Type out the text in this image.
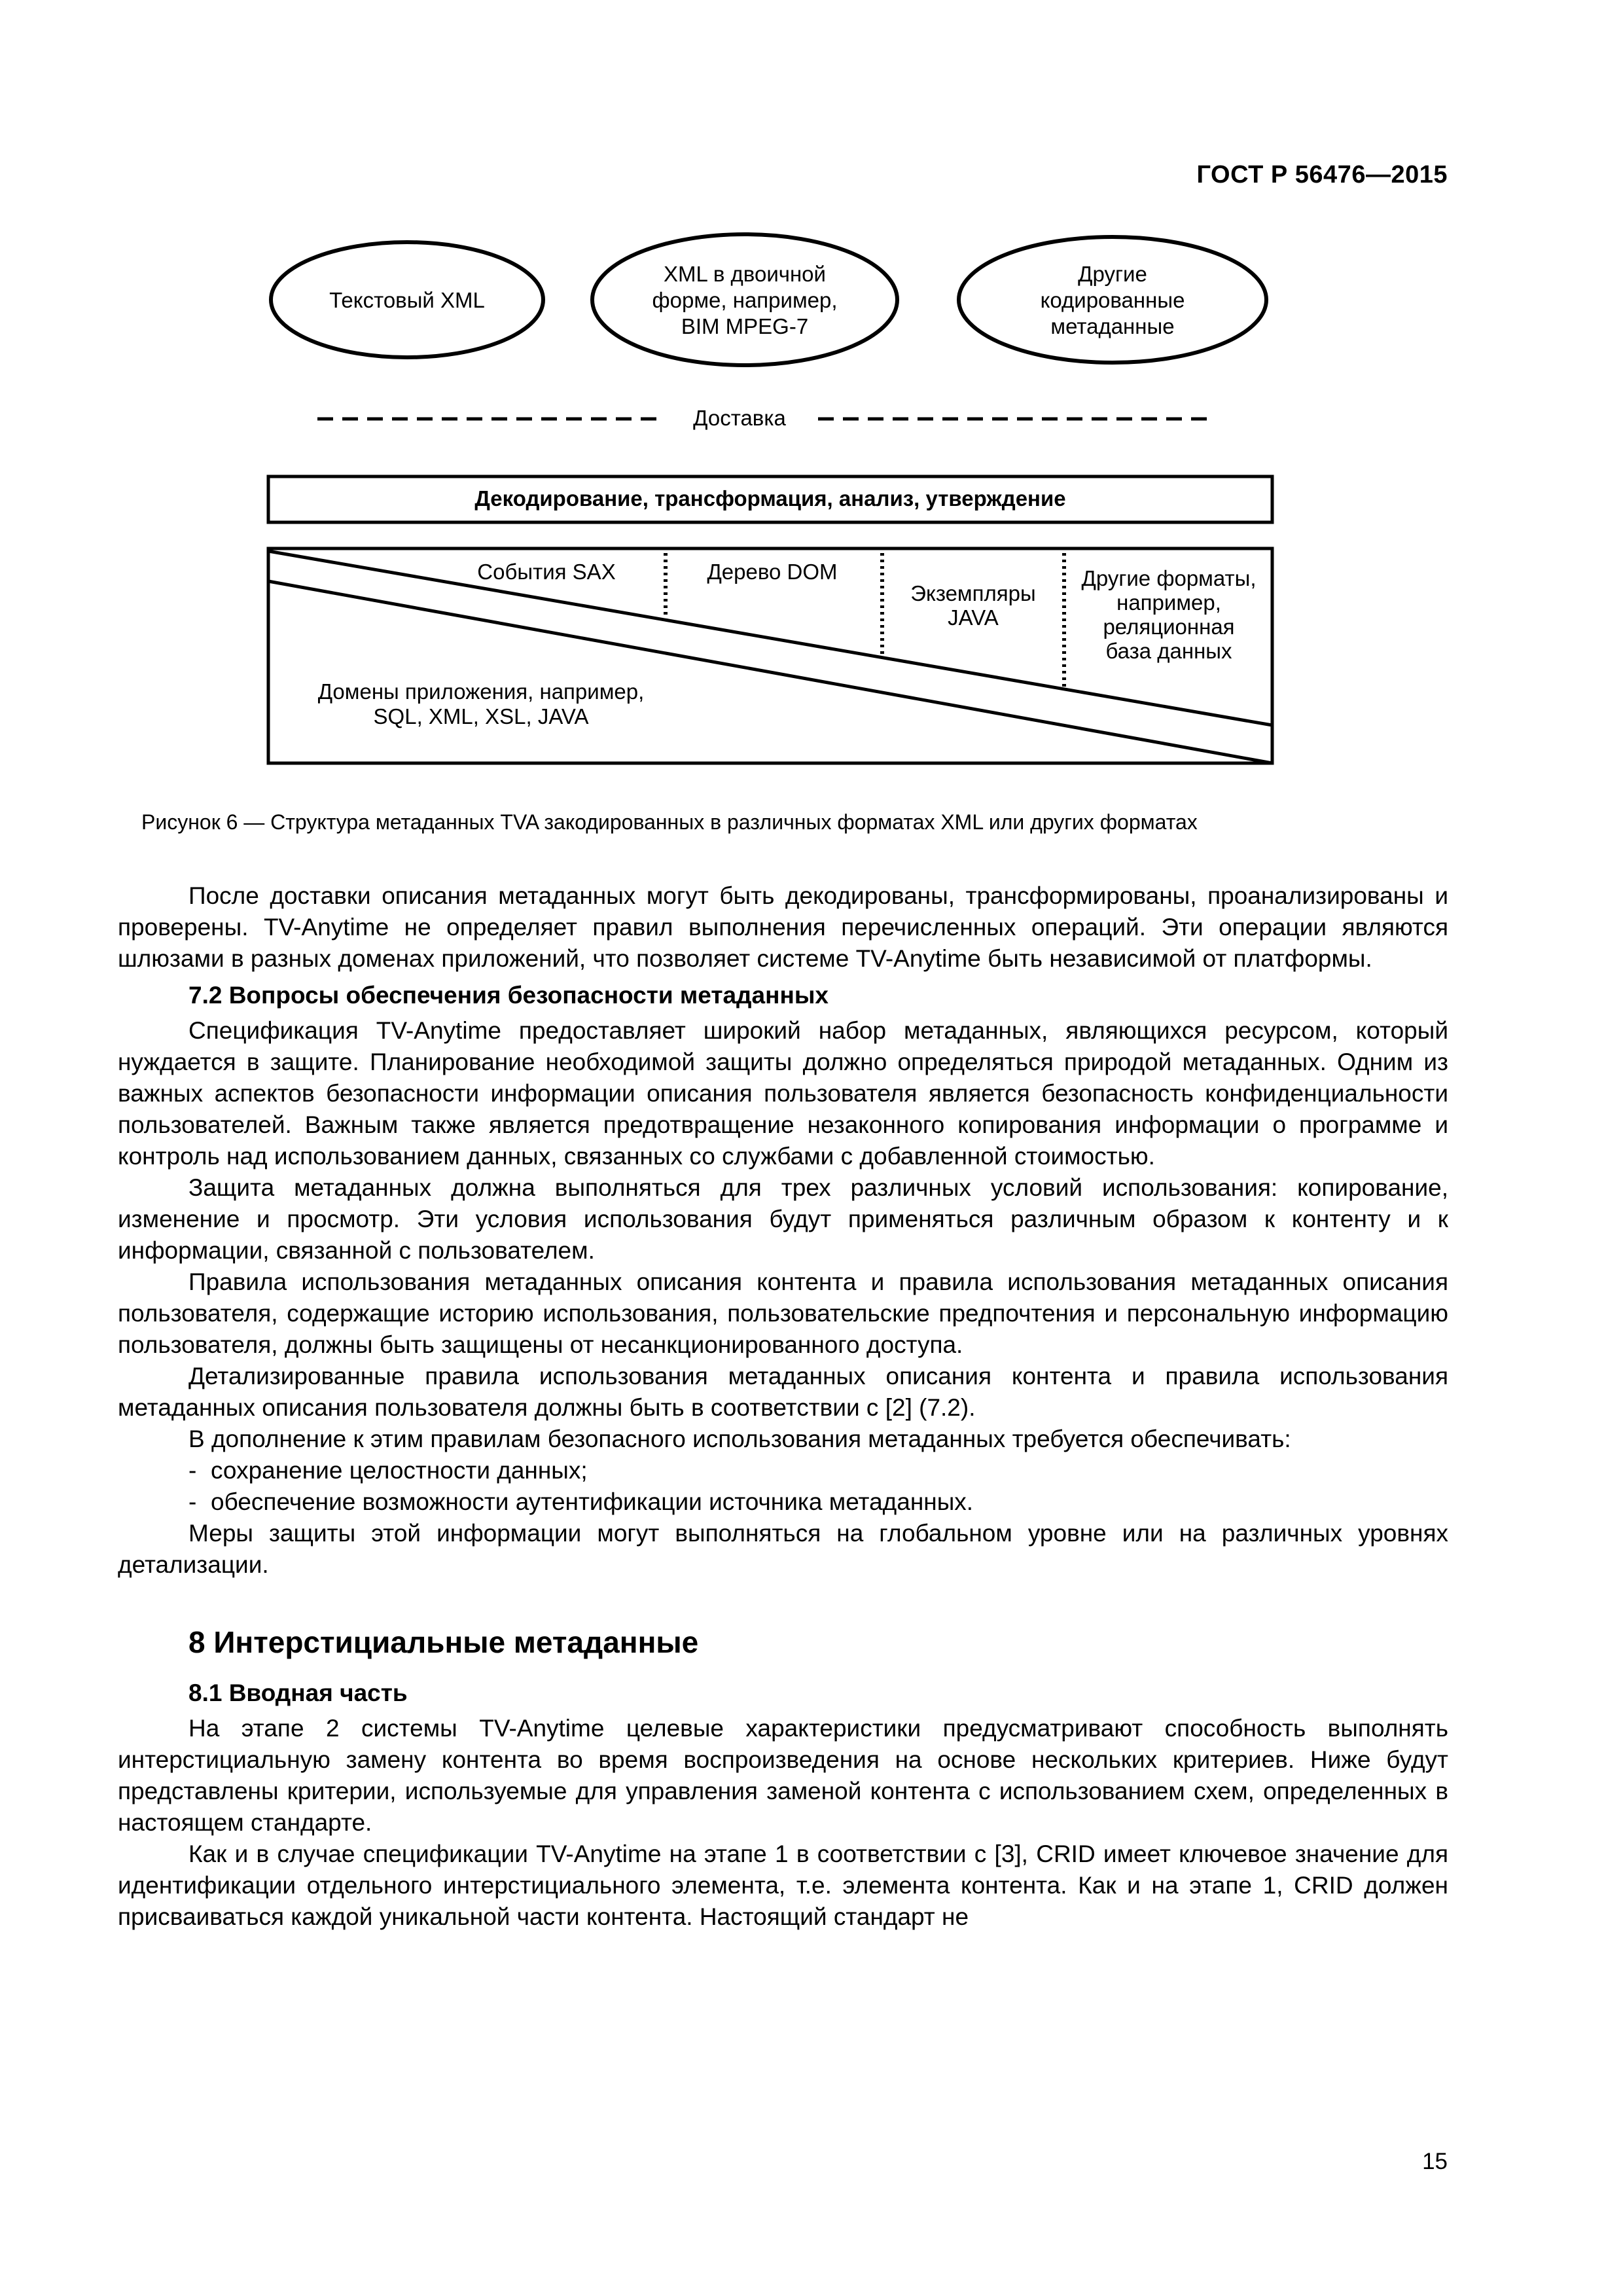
ГОСТ Р 56476—2015
Текстовый XML
XML в двоичной
форме, например,
BIM MPEG-7
Другие
кодированные
метаданные
Доставка
Декодирование, трансформация, анализ, утверждение
События SAX	Дерево DOM
Экземпляры
JAVA
Другие форматы,
например,
реляционная
база данных
Домены приложения, например,
SQL, XML, XSL, JAVA
Рисунок 6 — Структура метаданных TVA закодированных в различных форматах XML или других форматах

После доставки описания метаданных могут быть декодированы, трансформированы, проанализированы и проверены. TV-Anytime не определяет правил выполнения перечисленных операций. Эти операции являются шлюзами в разных доменах приложений, что позволяет системе TV-Anytime быть независимой от платформы.

7.2 Вопросы обеспечения безопасности метаданных

Спецификация TV-Anytime предоставляет широкий набор метаданных, являющихся ресурсом, который нуждается в защите. Планирование необходимой защиты должно определяться природой метаданных. Одним из важных аспектов безопасности информации описания пользователя является безопасность конфиденциальности пользователей. Важным также является предотвращение незаконного копирования информации о программе и контроль над использованием данных, связанных со службами с добавленной стоимостью.

Защита метаданных должна выполняться для трех различных условий использования: копирование, изменение и просмотр. Эти условия использования будут применяться различным образом к контенту и к информации, связанной с пользователем.

Правила использования метаданных описания контента и правила использования метаданных описания пользователя, содержащие историю использования, пользовательские предпочтения и персональную информацию пользователя, должны быть защищены от несанкционированного доступа.

Детализированные правила использования метаданных описания контента и правила использования метаданных описания пользователя должны быть в соответствии с [2] (7.2).

В дополнение к этим правилам безопасного использования метаданных требуется обеспечивать:

- сохранение целостности данных;
- обеспечение возможности аутентификации источника метаданных.

Меры защиты этой информации могут выполняться на глобальном уровне или на различных уровнях детализации.

8 Интерстициальные метаданные
8.1 Вводная часть

На этапе 2 системы TV-Anytime целевые характеристики предусматривают способность выполнять интерстициальную замену контента во время воспроизведения на основе нескольких критериев. Ниже будут представлены критерии, используемые для управления заменой контента с использованием схем, определенных в настоящем стандарте.

Как и в случае спецификации TV-Anytime на этапе 1 в соответствии с [3], CRID имеет ключевое значение для идентификации отдельного интерстициального элемента, т.е. элемента контента. Как и на этапе 1, CRID должен присваиваться каждой уникальной части контента. Настоящий стандарт не

15
